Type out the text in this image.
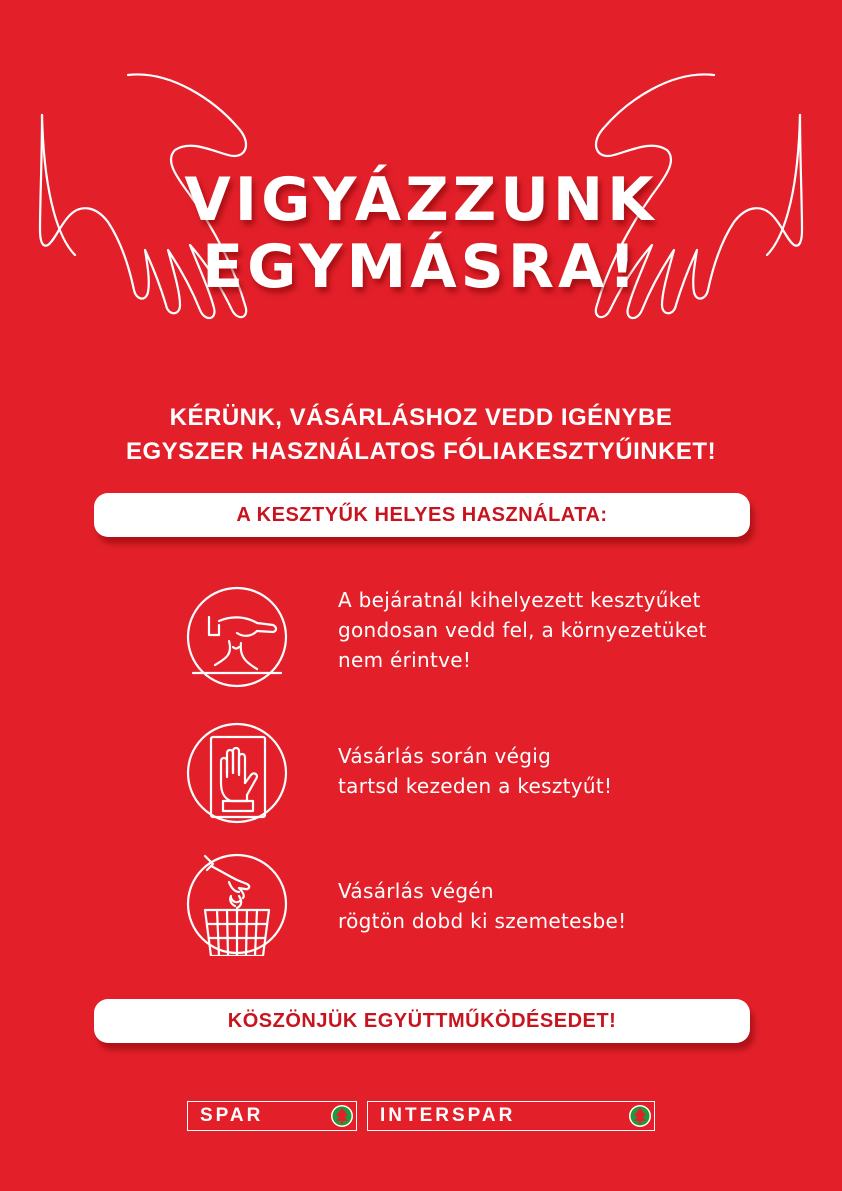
VIGYÁZZUNK
EGYMÁSRA!
KÉRÜNK, VÁSÁRLÁSHOZ VEDD IGÉNYBE
EGYSZER HASZNÁLATOS FÓLIAKESZTYŰINKET!
A KESZTYŰK HELYES HASZNÁLATA:
A bejáratnál kihelyezett kesztyűket
gondosan vedd fel, a környezetüket
nem érintve!
Vásárlás során végig
tartsd kezeden a kesztyűt!
Vásárlás végén
rögtön dobd ki szemetesbe!
KÖSZÖNJÜK EGYÜTTMŰKÖDÉSEDET!
SPAR	INTERSPAR
